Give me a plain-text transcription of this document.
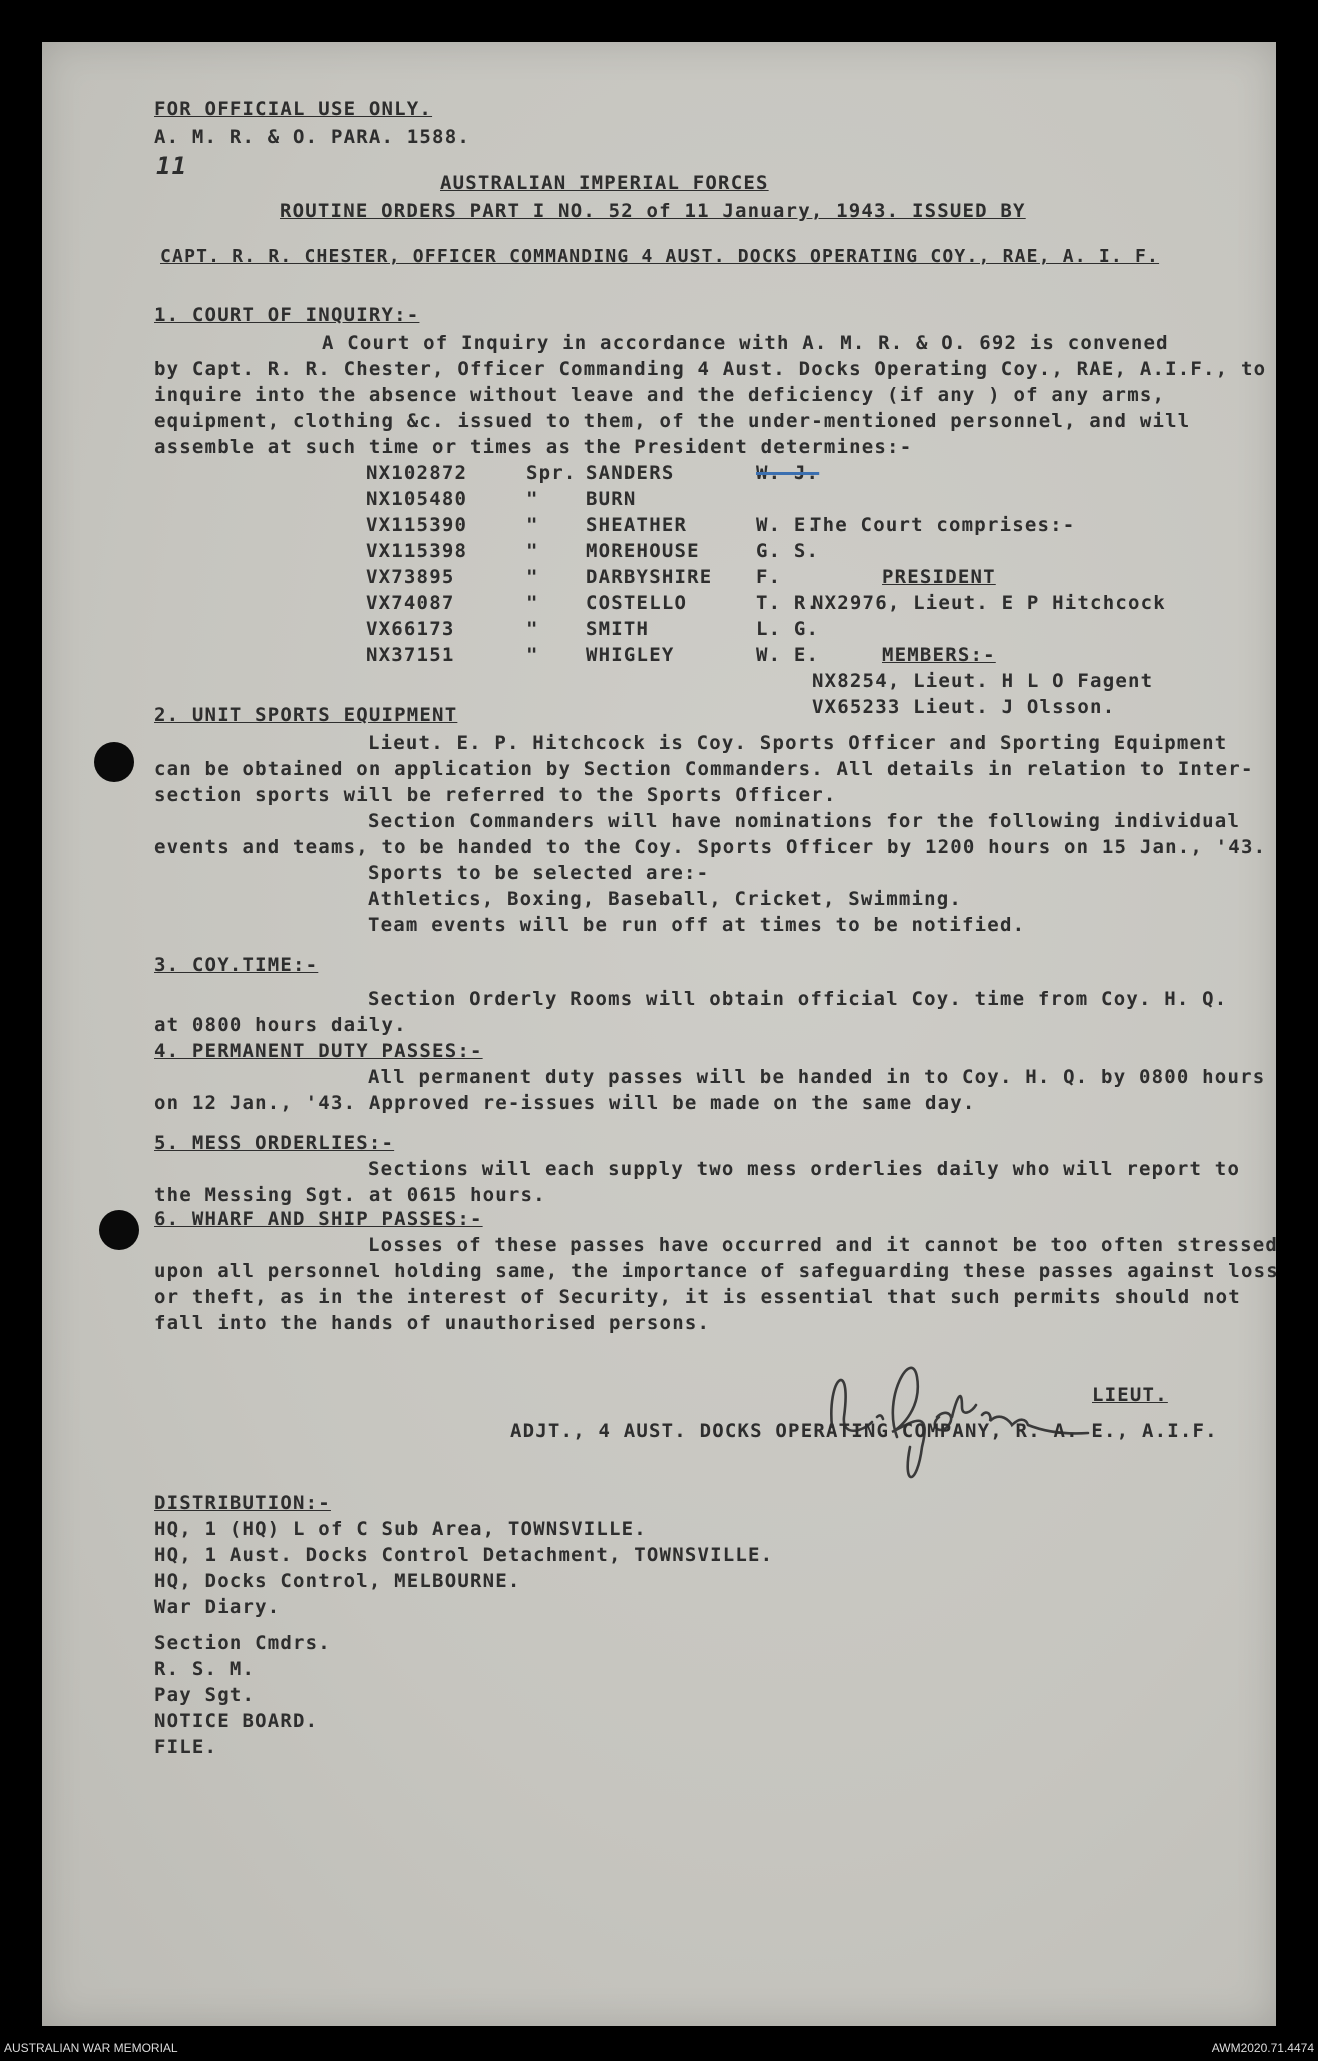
FOR OFFICIAL USE ONLY.
A. M. R. & O. PARA. 1588.
11
AUSTRALIAN IMPERIAL FORCES
ROUTINE ORDERS PART I NO. 52 of 11 January, 1943. ISSUED BY
CAPT. R. R. CHESTER, OFFICER COMMANDING 4 AUST. DOCKS OPERATING COY., RAE, A. I. F.
1. COURT OF INQUIRY:-
A Court of Inquiry in accordance with A. M. R. & O. 692 is convened
by Capt. R. R. Chester, Officer Commanding 4 Aust. Docks Operating Coy., RAE, A.I.F., to
inquire into the absence without leave and the deficiency (if any ) of any arms,
equipment, clothing &c. issued to them, of the under-mentioned personnel, and will
assemble at such time or times as the President determines:-
NX102872	Spr. SANDERS	W. J.
NX105480	" BURN
VX115390	" SHEATHER	W. E.
VX115398	" MOREHOUSE	G. S.
VX73895	" DARBYSHIRE F.
VX74087	" COSTELLO	T. R.
VX66173	" SMITH	L. G.
NX37151	" WHIGLEY	W. E.
The Court comprises:-
PRESIDENT
NX2976, Lieut. E P Hitchcock
MEMBERS:-
NX8254, Lieut. H L O Fagent
VX65233 Lieut. J Olsson.
2. UNIT SPORTS EQUIPMENT
Lieut. E. P. Hitchcock is Coy. Sports Officer and Sporting Equipment
can be obtained on application by Section Commanders. All details in relation to Inter-
section sports will be referred to the Sports Officer.
Section Commanders will have nominations for the following individual
events and teams, to be handed to the Coy. Sports Officer by 1200 hours on 15 Jan., '43.
Sports to be selected are:-
Athletics, Boxing, Baseball, Cricket, Swimming.
Team events will be run off at times to be notified.
3. COY.TIME:-
Section Orderly Rooms will obtain official Coy. time from Coy. H. Q.
at 0800 hours daily.
4. PERMANENT DUTY PASSES:-
All permanent duty passes will be handed in to Coy. H. Q. by 0800 hours
on 12 Jan., '43. Approved re-issues will be made on the same day.
5. MESS ORDERLIES:-
Sections will each supply two mess orderlies daily who will report to
the Messing Sgt. at 0615 hours.
6. WHARF AND SHIP PASSES:-
Losses of these passes have occurred and it cannot be too often stressed
upon all personnel holding same, the importance of safeguarding these passes against loss
or theft, as in the interest of Security, it is essential that such permits should not
fall into the hands of unauthorised persons.
LIEUT.
ADJT., 4 AUST. DOCKS OPERATING COMPANY, R. A. E., A.I.F.
DISTRIBUTION:-
HQ, 1 (HQ) L of C Sub Area, TOWNSVILLE.
HQ, 1 Aust. Docks Control Detachment, TOWNSVILLE.
HQ, Docks Control, MELBOURNE.
War Diary.
Section Cmdrs.
R. S. M.
Pay Sgt.
NOTICE BOARD.
FILE.
AUSTRALIAN WAR MEMORIAL	AWM2020.71.4474
